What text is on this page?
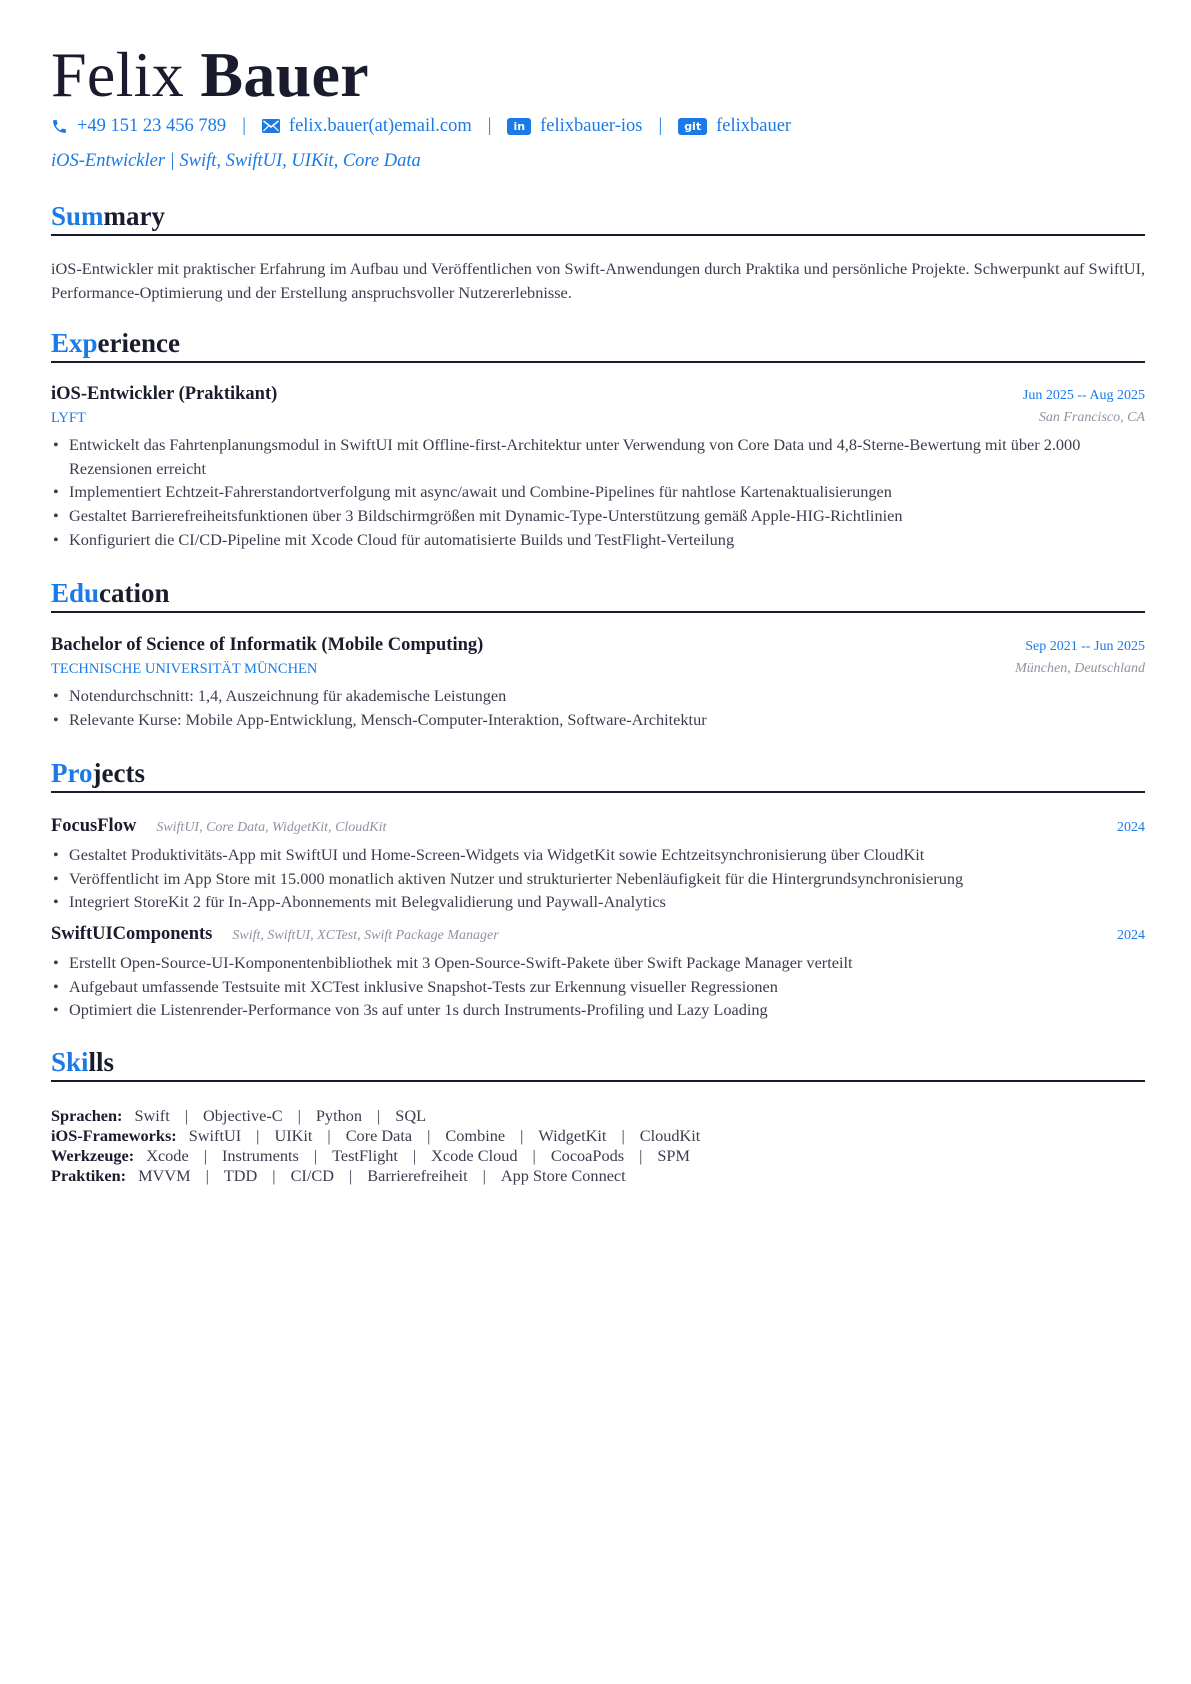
Felix Bauer
+49 151 23 456 789 | felix.bauer(at)email.com |	in felixbauer-ios |	git felixbauer
iOS-Entwickler | Swift, SwiftUI, UIKit, Core Data
Summary
iOS-Entwickler mit praktischer Erfahrung im Aufbau und Veröffentlichen von Swift-Anwendungen durch Praktika und persönliche Projekte. Schwerpunkt auf SwiftUI, Performance-Optimierung und der Erstellung anspruchsvoller Nutzererlebnisse.
Experience
iOS-Entwickler (Praktikant)	Jun 2025 -- Aug 2025
LYFT	San Francisco, CA
• Entwickelt das Fahrtenplanungsmodul in SwiftUI mit Offline-first-Architektur unter Verwendung von Core Data und 4,8-Sterne-Bewertung mit über 2.000 Rezensionen erreicht
• Implementiert Echtzeit-Fahrerstandortverfolgung mit async/await und Combine-Pipelines für nahtlose Kartenaktualisierungen
• Gestaltet Barrierefreiheitsfunktionen über 3 Bildschirmgrößen mit Dynamic-Type-Unterstützung gemäß Apple-HIG-Richtlinien
• Konfiguriert die CI/CD-Pipeline mit Xcode Cloud für automatisierte Builds und TestFlight-Verteilung
Education
Bachelor of Science of Informatik (Mobile Computing)	Sep 2021 -- Jun 2025
TECHNISCHE UNIVERSITÄT MÜNCHEN	München, Deutschland
• Notendurchschnitt: 1,4, Auszeichnung für akademische Leistungen
• Relevante Kurse: Mobile App-Entwicklung, Mensch-Computer-Interaktion, Software-Architektur
Projects
FocusFlow SwiftUI, Core Data, WidgetKit, CloudKit	2024
• Gestaltet Produktivitäts-App mit SwiftUI und Home-Screen-Widgets via WidgetKit sowie Echtzeitsynchronisierung über CloudKit
• Veröffentlicht im App Store mit 15.000 monatlich aktiven Nutzer und strukturierter Nebenläufigkeit für die Hintergrundsynchronisierung
• Integriert StoreKit 2 für In-App-Abonnements mit Belegvalidierung und Paywall-Analytics
SwiftUIComponents Swift, SwiftUI, XCTest, Swift Package Manager	2024
• Erstellt Open-Source-UI-Komponentenbibliothek mit 3 Open-Source-Swift-Pakete über Swift Package Manager verteilt
• Aufgebaut umfassende Testsuite mit XCTest inklusive Snapshot-Tests zur Erkennung visueller Regressionen
• Optimiert die Listenrender-Performance von 3s auf unter 1s durch Instruments-Profiling und Lazy Loading
Skills
Sprachen: Swift | Objective-C | Python | SQL
iOS-Frameworks: SwiftUI | UIKit | Core Data | Combine | WidgetKit | CloudKit
Werkzeuge: Xcode | Instruments | TestFlight | Xcode Cloud | CocoaPods | SPM
Praktiken: MVVM | TDD | CI/CD | Barrierefreiheit | App Store Connect
